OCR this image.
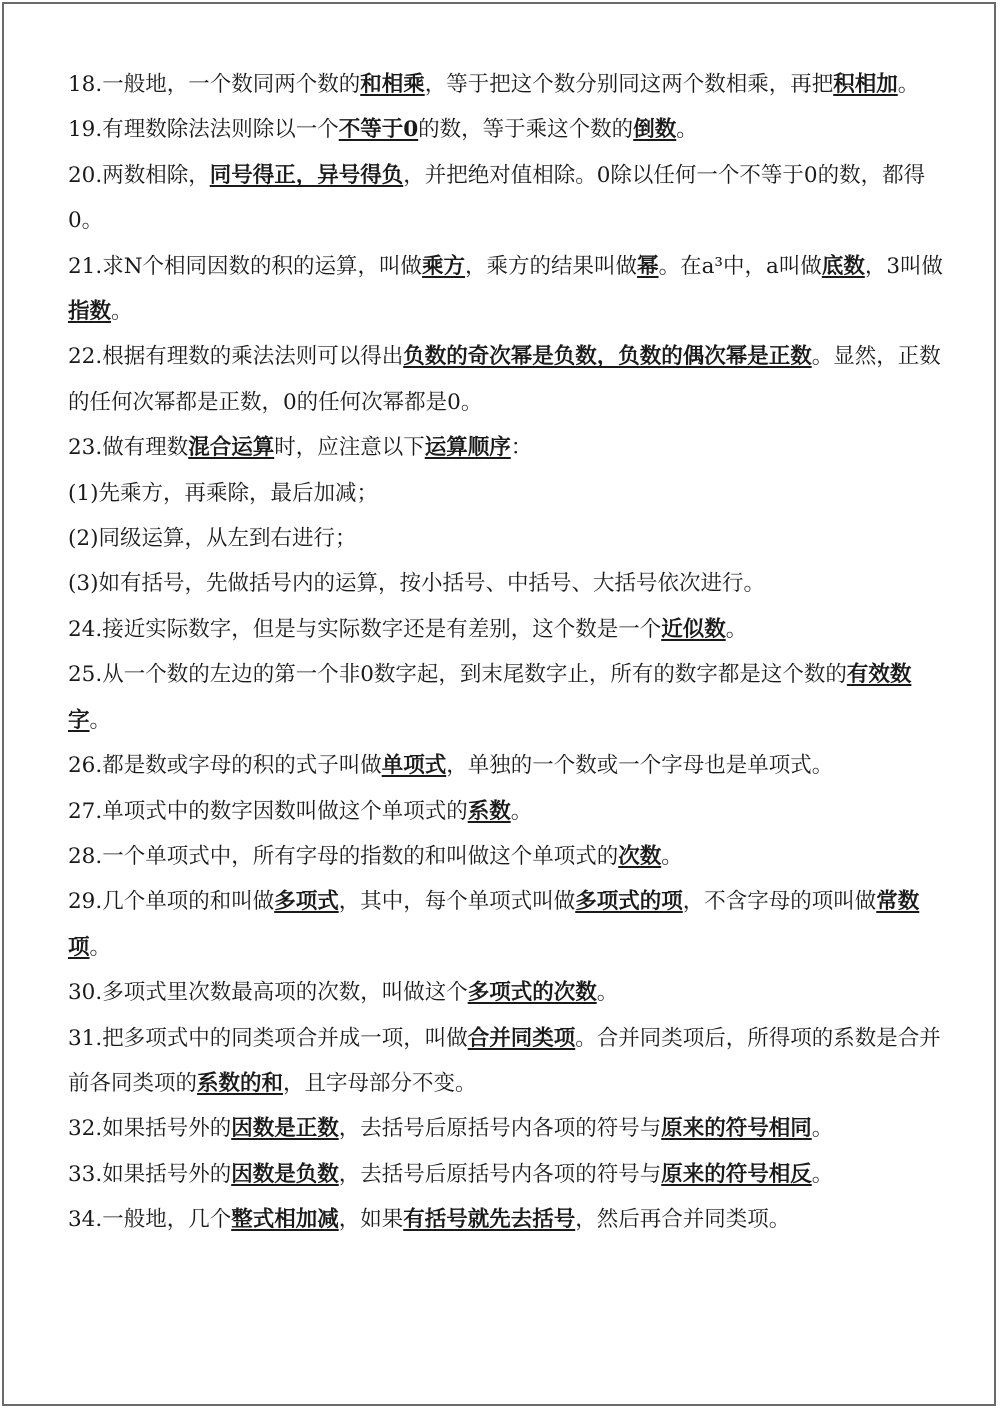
18.一般地，一个数同两个数的和相乘，等于把这个数分别同这两个数相乘，再把积相加。

19.有理数除法法则除以一个不等于0的数，等于乘这个数的倒数。

20.两数相除，同号得正，异号得负，并把绝对值相除。0除以任何一个不等于0的数，都得0。

21.求N个相同因数的积的运算，叫做乘方，乘方的结果叫做幂。在a³中，a叫做底数，3叫做指数。

22.根据有理数的乘法法则可以得出负数的奇次幂是负数，负数的偶次幂是正数。显然，正数的任何次幂都是正数，0的任何次幂都是0。

23.做有理数混合运算时，应注意以下运算顺序：

(1)先乘方，再乘除，最后加减；

(2)同级运算，从左到右进行；

(3)如有括号，先做括号内的运算，按小括号、中括号、大括号依次进行。

24.接近实际数字，但是与实际数字还是有差别，这个数是一个近似数。

25.从一个数的左边的第一个非0数字起，到末尾数字止，所有的数字都是这个数的有效数字。

26.都是数或字母的积的式子叫做单项式，单独的一个数或一个字母也是单项式。

27.单项式中的数字因数叫做这个单项式的系数。

28.一个单项式中，所有字母的指数的和叫做这个单项式的次数。

29.几个单项的和叫做多项式，其中，每个单项式叫做多项式的项，不含字母的项叫做常数项。

30.多项式里次数最高项的次数，叫做这个多项式的次数。

31.把多项式中的同类项合并成一项，叫做合并同类项。合并同类项后，所得项的系数是合并前各同类项的系数的和，且字母部分不变。

32.如果括号外的因数是正数，去括号后原括号内各项的符号与原来的符号相同。

33.如果括号外的因数是负数，去括号后原括号内各项的符号与原来的符号相反。

34.一般地，几个整式相加减，如果有括号就先去括号，然后再合并同类项。
